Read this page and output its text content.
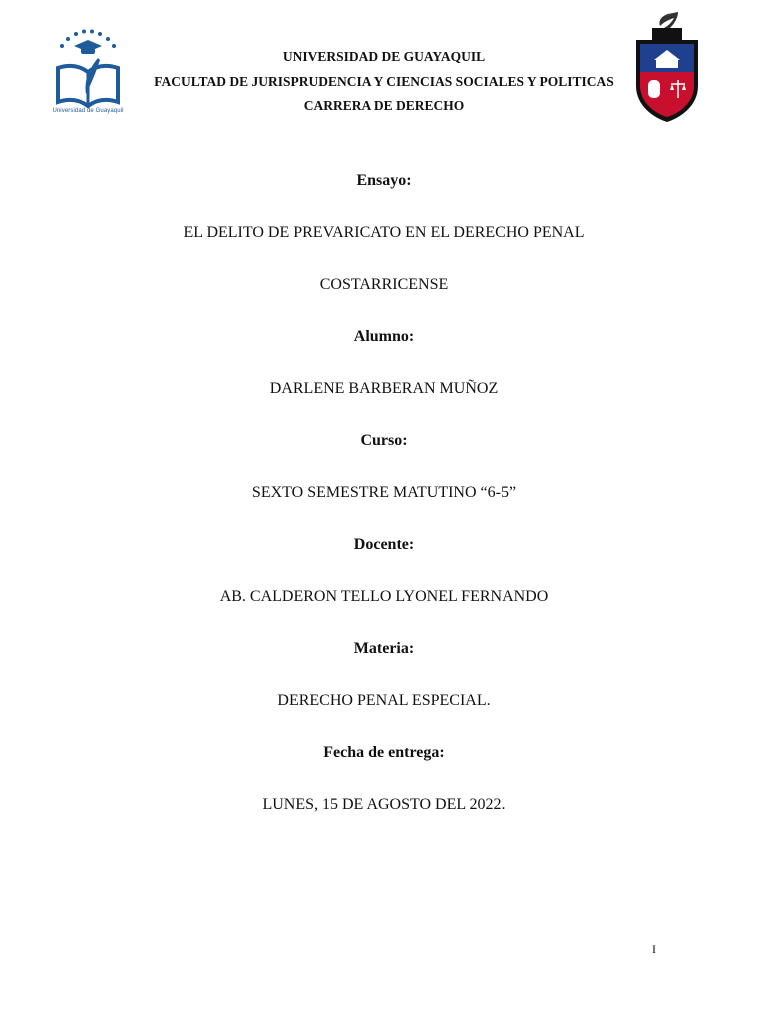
Universidad de Guayaquil
UNIVERSIDAD DE GUAYAQUIL
FACULTAD DE JURISPRUDENCIA Y CIENCIAS SOCIALES Y POLITICAS
CARRERA DE DERECHO
Ensayo:
EL DELITO DE PREVARICATO EN EL DERECHO PENAL
COSTARRICENSE
Alumno:
DARLENE BARBERAN MUÑOZ
Curso:
SEXTO SEMESTRE MATUTINO “6-5”
Docente:
AB. CALDERON TELLO LYONEL FERNANDO
Materia:
DERECHO PENAL ESPECIAL.
Fecha de entrega:
LUNES, 15 DE AGOSTO DEL 2022.
I
